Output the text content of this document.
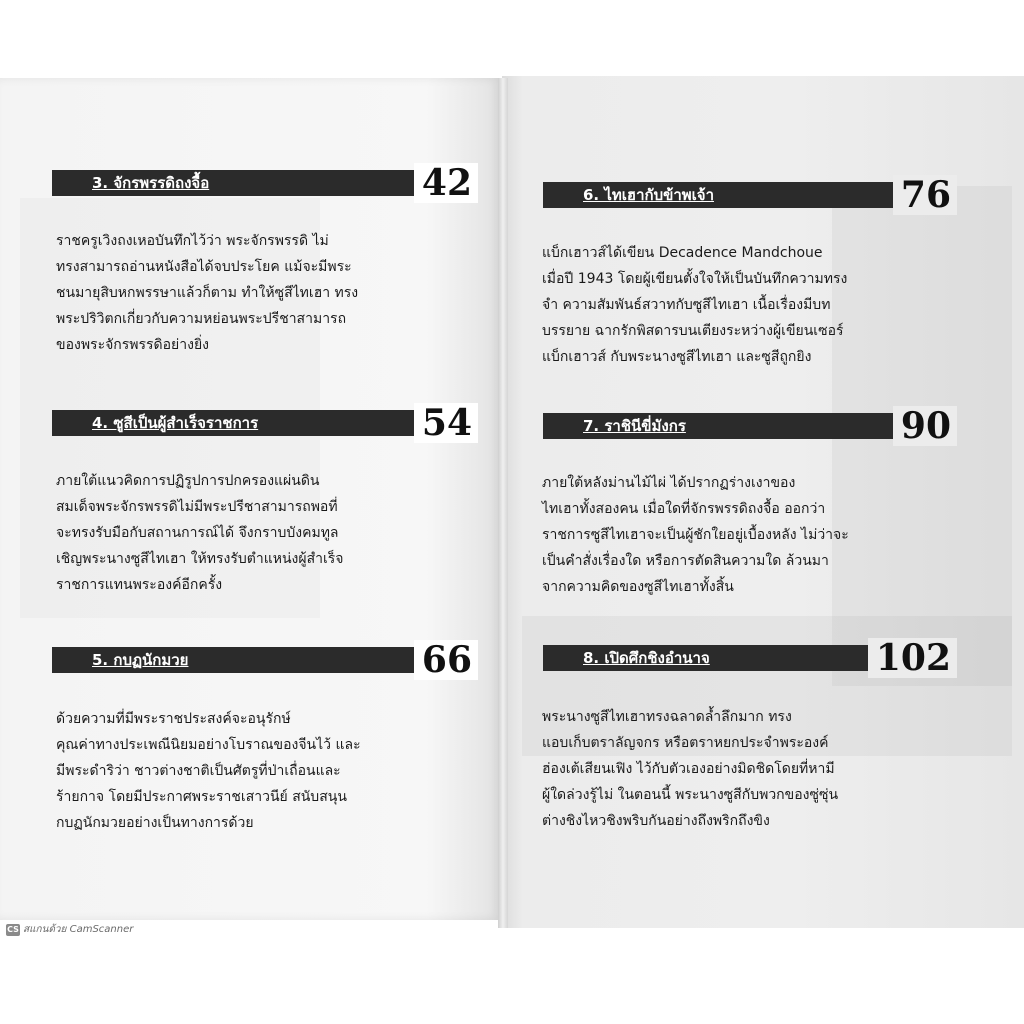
3. จักรพรรดิถงจื้อ	42
ราชครูเวิงถงเหอบันทึกไว้ว่า พระจักรพรรดิ ไม่
ทรงสามารถอ่านหนังสือได้จบประโยค แม้จะมีพระ
ชนมายุสิบหกพรรษาแล้วก็ตาม ทำให้ซูสีไทเฮา ทรง
พระปริวิตกเกี่ยวกับความหย่อนพระปรีชาสามารถ
ของพระจักรพรรดิอย่างยิ่ง
4. ซูสีเป็นผู้สำเร็จราชการ	54
ภายใต้แนวคิดการปฏิรูปการปกครองแผ่นดิน
สมเด็จพระจักรพรรดิไม่มีพระปรีชาสามารถพอที่
จะทรงรับมือกับสถานการณ์ได้ จึงกราบบังคมทูล
เชิญพระนางซูสีไทเฮา ให้ทรงรับตำแหน่งผู้สำเร็จ
ราชการแทนพระองค์อีกครั้ง
5. กบฏนักมวย	66
ด้วยความที่มีพระราชประสงค์จะอนุรักษ์
คุณค่าทางประเพณีนิยมอย่างโบราณของจีนไว้ และ
มีพระดำริว่า ชาวต่างชาติเป็นศัตรูที่ป่าเถื่อนและ
ร้ายกาจ โดยมีประกาศพระราชเสาวนีย์ สนับสนุน
กบฏนักมวยอย่างเป็นทางการด้วย
6. ไทเฮากับข้าพเจ้า	76
แบ็กเฮาวส์ได้เขียน Decadence Mandchoue
เมื่อปี 1943 โดยผู้เขียนตั้งใจให้เป็นบันทึกความทรง
จำ ความสัมพันธ์สวาทกับซูสีไทเฮา เนื้อเรื่องมีบท
บรรยาย ฉากรักพิสดารบนเตียงระหว่างผู้เขียนเซอร์
แบ็กเฮาวส์ กับพระนางซูสีไทเฮา และซูสีถูกยิง
7. ราชินีขี่มังกร	90
ภายใต้หลังม่านไม้ไผ่ ได้ปรากฏร่างเงาของ
ไทเฮาทั้งสองคน เมื่อใดที่จักรพรรดิถงจื้อ ออกว่า
ราชการซูสีไทเฮาจะเป็นผู้ชักใยอยู่เบื้องหลัง ไม่ว่าจะ
เป็นคำสั่งเรื่องใด หรือการตัดสินความใด ล้วนมา
จากความคิดของซูสีไทเฮาทั้งสิ้น
8. เปิดศึกชิงอำนาจ	102
พระนางซูสีไทเฮาทรงฉลาดล้ำลึกมาก ทรง
แอบเก็บตราลัญจกร หรือตราหยกประจำพระองค์
ฮ่องเต้เสียนเฟิง ไว้กับตัวเองอย่างมิดชิดโดยที่หามี
ผู้ใดล่วงรู้ไม่ ในตอนนี้ พระนางซูสีกับพวกของซู่ซุ่น
ต่างชิงไหวชิงพริบกันอย่างถึงพริกถึงขิง
CS สแกนด้วย CamScanner
